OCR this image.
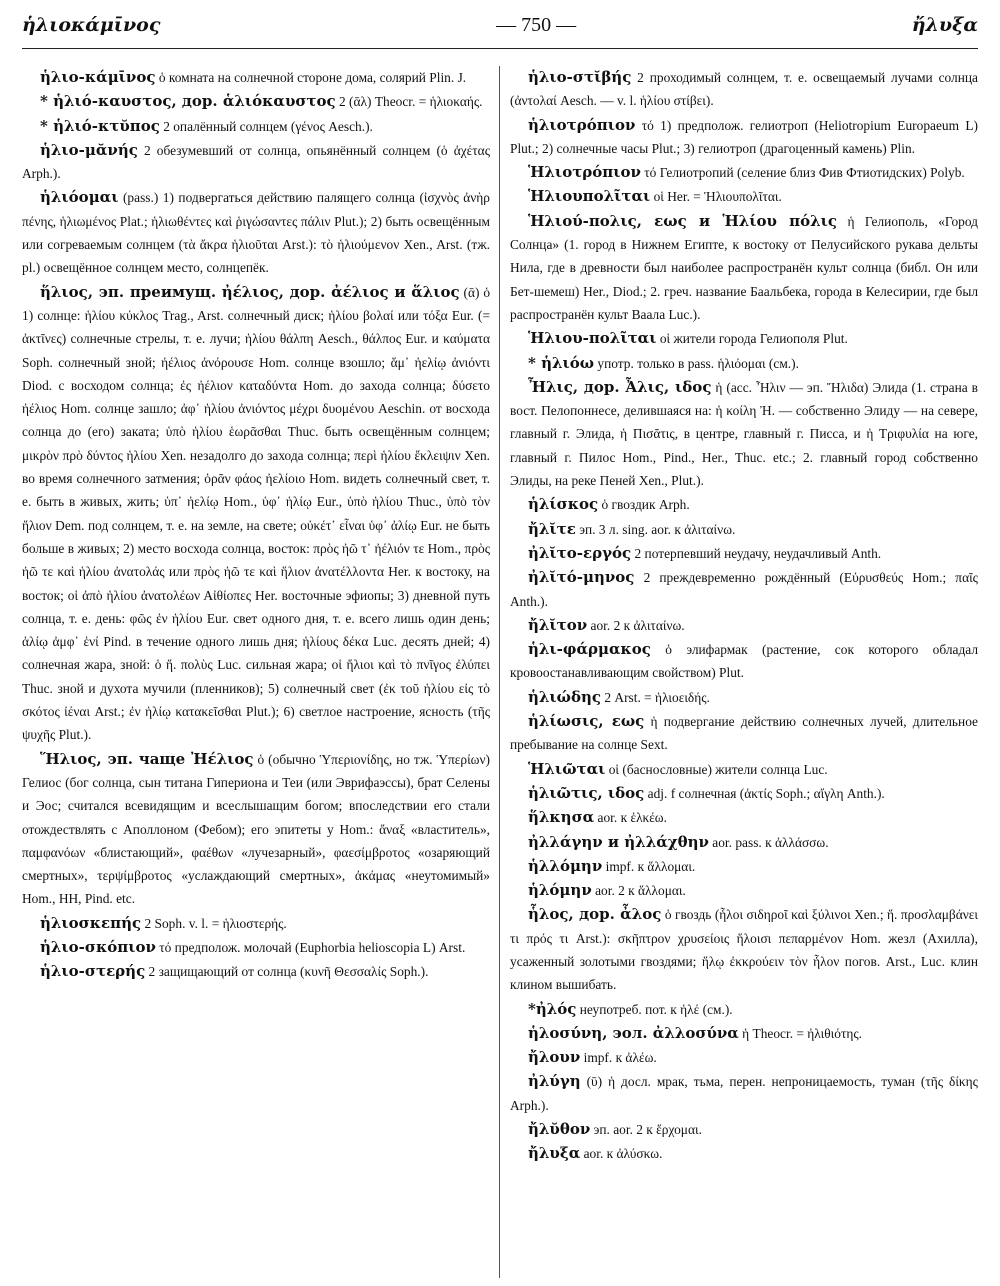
ἡλιοκάμῑνος	— 750 —	ἤλυξα

ἡλιο-κάμῑνος ὁ комната на солнечной стороне дома, солярий Plin. J.

* ἡλιό-καυστος, дор. ἁλιόκαυστος 2 (ᾱλ) Theocr. = ἡλιοκαής.

* ἡλιό-κτῠπος 2 опалённый солнцем (γένος Aesch.).

ἡλιο-μᾰνής 2 обезумевший от солнца, опьянённый солнцем (ὁ ἀχέτας Arph.).

ἡλιόομαι (pass.) 1) подвергаться действию палящего солнца (ἰσχνὸς ἀνὴρ πένης, ἡλιωμένος Plat.; ἡλιωθέντες καὶ ῥιγώσαντες πάλιν Plut.); 2) быть освещённым или согреваемым солнцем (τὰ ἄκρα ἡλιοῦται Arst.): τὸ ἡλιούμενον Xen., Arst. (тж. pl.) освещённое солнцем место, солнцепёк.

ἥλιος, эп. преимущ. ἠέλιος, дор. ἀέλιος и ἅλιος (ᾱ) ὁ 1) солнце: ἡλίου κύκλος Trag., Arst. солнечный диск; ἡλίου βολαί или τόξα Eur. (= ἀκτῖνες) солнечные стрелы, т. е. лучи; ἡλίου θάλπη Aesch., θάλπος Eur. и καύματα Soph. солнечный зной; ἠέλιος ἀνόρουσε Hom. солнце взошло; ἅμ᾽ ἠελίῳ ἀνιόντι Diod. с восходом солнца; ἐς ἠέλιον καταδύντα Hom. до захода солнца; δύσετο ἠέλιος Hom. солнце зашло; ἀφ᾽ ἡλίου ἀνιόντος μέχρι δυομένου Aeschin. от восхода солнца до (его) заката; ὑπὸ ἡλίου ἑωρᾶσθαι Thuc. быть освещённым солнцем; μικρὸν πρὸ δύντος ἡλίου Xen. незадолго до захода солнца; περὶ ἡλίου ἔκλειψιν Xen. во время солнечного затмения; ὁρᾶν φάος ἠελίοιο Hom. видеть солнечный свет, т. е. быть в живых, жить; ὑπ᾽ ἠελίῳ Hom., ὑφ᾽ ἡλίῳ Eur., ὑπὸ ἡλίου Thuc., ὑπὸ τὸν ἥλιον Dem. под солнцем, т. е. на земле, на свете; οὐκέτ᾽ εἶναι ὑφ᾽ ἀλίῳ Eur. не быть больше в живых; 2) место восхода солнца, восток: πρὸς ἠῶ τ᾽ ἠέλιόν τε Hom., πρὸς ἠῶ τε καὶ ἡλίου ἀνατολάς или πρὸς ἠῶ τε καὶ ἥλιον ἀνατέλλοντα Her. к востоку, на восток; οἱ ἀπὸ ἡλίου ἀνατολέων Αἰθίοπες Her. восточные эфиопы; 3) дневной путь солнца, т. е. день: φῶς ἐν ἡλίου Eur. свет одного дня, т. е. всего лишь один день; ἁλίῳ ἀμφ᾽ ἑνί Pind. в течение одного лишь дня; ἡλίους δέκα Luc. десять дней; 4) солнечная жара, зной: ὁ ἥ. πολὺς Luc. сильная жара; οἱ ἥλιοι καὶ τὸ πνῖγος ἐλύπει Thuc. зной и духота мучили (пленников); 5) солнечный свет (ἐκ τοῦ ἡλίου εἰς τὸ σκότος ἰέναι Arst.; ἐν ἡλίῳ κατακεῖσθαι Plut.); 6) светлое настроение, ясность (τῆς ψυχῆς Plut.).

Ἥλιος, эп. чаще Ἠέλιος ὁ (обычно Ὑπεριονίδης, но тж. Ὑπερίων) Гелиос (бог солнца, сын титана Гипериона и Теи (или Эврифаэссы), брат Селены и Эос; считался всевидящим и всеслышащим богом; впоследствии его стали отождествлять с Аполлоном (Фебом); его эпитеты у Hom.: ἄναξ «властитель», παμφανόων «блистающий», φαέθων «лучезарный», φαεσίμβροτος «озаряющий смертных», τερψίμβροτος «услаждающий смертных», ἀκάμας «неутомимый» Hom., HH, Pind. etc.

ἡλιοσκεπής 2 Soph. v. l. = ἡλιοστερής.

ἡλιο-σκόπιον τό предполож. молочай (Euphorbia helioscopia L) Arst.

ἡλιο-στερής 2 защищающий от солнца (κυνῆ Θεσσαλίς Soph.).

ἡλιο-στῐβής 2 проходимый солнцем, т. е. освещаемый лучами солнца (ἀντολαί Aesch. — v. l. ἡλίου στίβει).

ἡλιοτρόπιον τό 1) предполож. гелиотроп (Heliotropium Europaeum L) Plut.; 2) солнечные часы Plut.; 3) гелиотроп (драгоценный камень) Plin.

Ἡλιοτρόπιον τό Гелиотропий (селение близ Фив Фтиотидских) Polyb.

Ἡλιουπολῖται οἱ Her. = Ἡλιουπολῖται.

Ἡλιού-πολις, εως и Ἡλίου πόλις ἡ Гелиополь, «Город Солнца» (1. город в Нижнем Египте, к востоку от Пелусийского рукава дельты Нила, где в древности был наиболее распространён культ солнца (библ. Он или Бет-шемеш) Her., Diod.; 2. греч. название Баальбека, города в Келесирии, где был распространён культ Ваала Luc.).

Ἡλιου-πολῖται οἱ жители города Гелиополя Plut.

* ἡλιόω употр. только в pass. ἡλιόομαι (см.).

Ἦλις, дор. Ἆλις, ιδος ἡ (acc. Ἦλιν — эп. Ἤλιδα) Элида (1. страна в вост. Пелопоннесе, делившаяся на: ἡ κοίλη Ἠ. — собственно Элиду — на севере, главный г. Элида, ἡ Πισᾶτις, в центре, главный г. Писса, и ἡ Τριφυλία на юге, главный г. Пилос Hom., Pind., Her., Thuc. etc.; 2. главный город собственно Элиды, на реке Пеней Xen., Plut.).

ἡλίσκος ὁ гвоздик Arph.

ἤλῐτε эп. 3 л. sing. aor. к ἀλιταίνω.

ἠλῐτο-εργός 2 потерпевший неудачу, неудачливый Anth.

ἠλῐτό-μηνος 2 преждевременно рождённый (Εὐρυσθεύς Hom.; παῖς Anth.).

ἤλῐτον aor. 2 к ἀλιταίνω.

ἡλι-φάρμακος ὁ элифармак (растение, сок которого обладал кровоостанавливающим свойством) Plut.

ἡλιώδης 2 Arst. = ἡλιοειδής.

ἡλίωσις, εως ἡ подвергание действию солнечных лучей, длительное пребывание на солнце Sext.

Ἡλιῶται οἱ (баснословные) жители солнца Luc.

ἡλιῶτις, ιδος adj. f солнечная (ἀκτίς Soph.; αἴγλη Anth.).

ἥλκησα aor. к ἑλκέω.

ἠλλάγην и ἠλλάχθην aor. pass. к ἀλλάσσω.

ἡλλόμην impf. к ἅλλομαι.

ἡλόμην aor. 2 к ἅλλομαι.

ἧλος, дор. ἆλος ὁ гвоздь (ἧλοι σιδηροῖ καὶ ξύλινοι Xen.; ἥ. προσλαμβάνει τι πρός τι Arst.): σκῆπτρον χρυσείοις ἥλοισι πεπαρμένον Hom. жезл (Ахилла), усаженный золотыми гвоздями; ἥλῳ ἐκκρούειν τὸν ἧλον погов. Arst., Luc. клин клином вышибать.

*ἠλός неупотреб. пот. к ἠλέ (см.).

ἡλοσύνη, эол. ἀλλοσύνα ἡ Theocr. = ἠλιθιότης.

ἤλουν impf. к ἀλέω.

ἠλύγη (ῡ) ἡ досл. мрак, тьма, перен. непроницаемость, туман (τῆς δίκης Arph.).

ἤλῠθον эп. aor. 2 к ἔρχομαι.

ἤλυξα aor. к ἀλύσκω.
